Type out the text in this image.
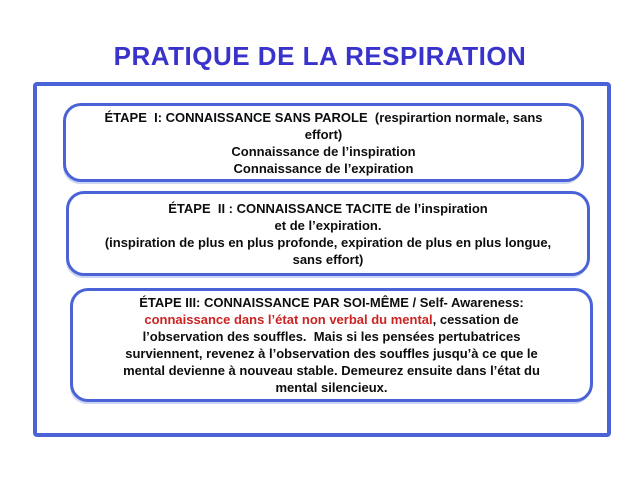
PRATIQUE DE LA RESPIRATION
ÉTAPE  I: CONNAISSANCE SANS PAROLE  (respirartion normale, sans
effort)
Connaissance de l’inspiration
Connaissance de l’expiration
ÉTAPE  II : CONNAISSANCE TACITE de l’inspiration
et de l’expiration.
(inspiration de plus en plus profonde, expiration de plus en plus longue,
sans effort)
ÉTAPE III: CONNAISSANCE PAR SOI-MÊME / Self- Awareness:
connaissance dans l’état non verbal du mental, cessation de
l’observation des souffles.  Mais si les pensées pertubatrices
surviennent, revenez à l’observation des souffles jusqu’à ce que le
mental devienne à nouveau stable. Demeurez ensuite dans l’état du
mental silencieux.
